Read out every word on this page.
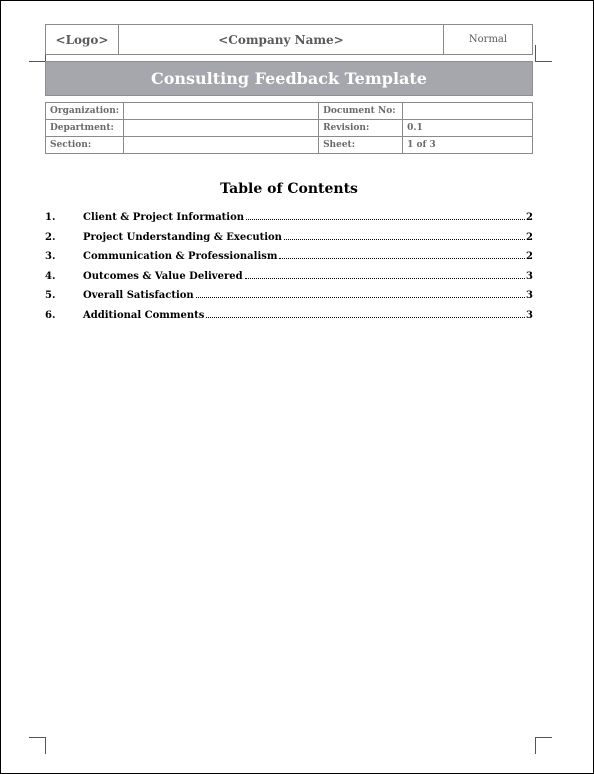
<Logo>	<Company Name>	Normal
Consulting Feedback Template
Organization:		Document No:	
Department:		Revision:	0.1
Section:		Sheet:	1 of 3
Table of Contents
1.	Client & Project Information	2
2.	Project Understanding & Execution	2
3.	Communication & Professionalism	2
4.	Outcomes & Value Delivered	3
5.	Overall Satisfaction	3
6.	Additional Comments	3
